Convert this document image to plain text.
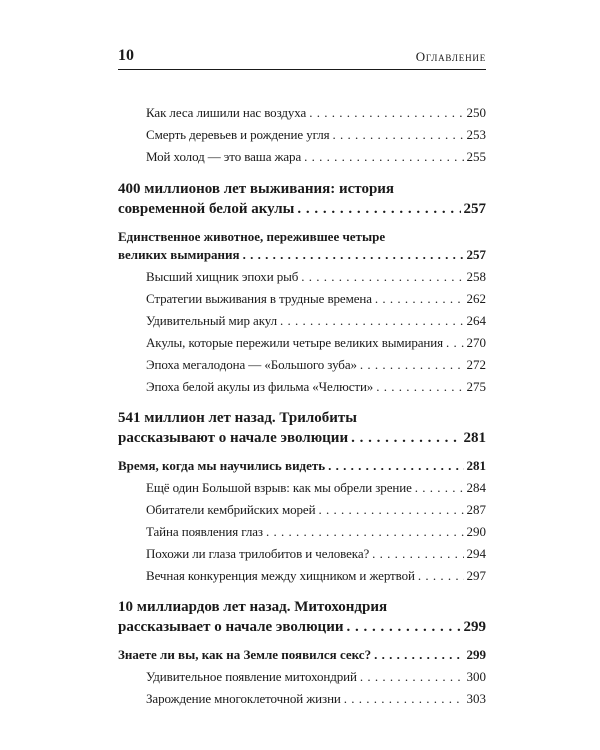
10	Оглавление
Как леса лишили нас воздуха . . .	250
Смерть деревьев и рождение угля . . .	253
Мой холод — это ваша жара . . .	255
400 миллионов лет выживания: история
современной белой акулы . . .	257
Единственное животное, пережившее четыре
великих вымирания . . .	257
Высший хищник эпохи рыб . . .	258
Стратегии выживания в трудные времена . . .	262
Удивительный мир акул . . .	264
Акулы, которые пережили четыре великих вымирания . . . 270
Эпоха мегалодона — «Большого зуба» . . .	272
Эпоха белой акулы из фильма «Челюсти» . . .	275
541 миллион лет назад. Трилобиты
рассказывают о начале эволюции . . .	281
Время, когда мы научились видеть . . .	281
Ещё один Большой взрыв: как мы обрели зрение . . .	284
Обитатели кембрийских морей . . .	287
Тайна появления глаз . . .	290
Похожи ли глаза трилобитов и человека? . . .	294
Вечная конкуренция между хищником и жертвой . . .	297
10 миллиардов лет назад. Митохондрия
рассказывает о начале эволюции . . .	299
Знаете ли вы, как на Земле появился секс? . . .	299
Удивительное появление митохондрий . . .	300
Зарождение многоклеточной жизни . . .	303
